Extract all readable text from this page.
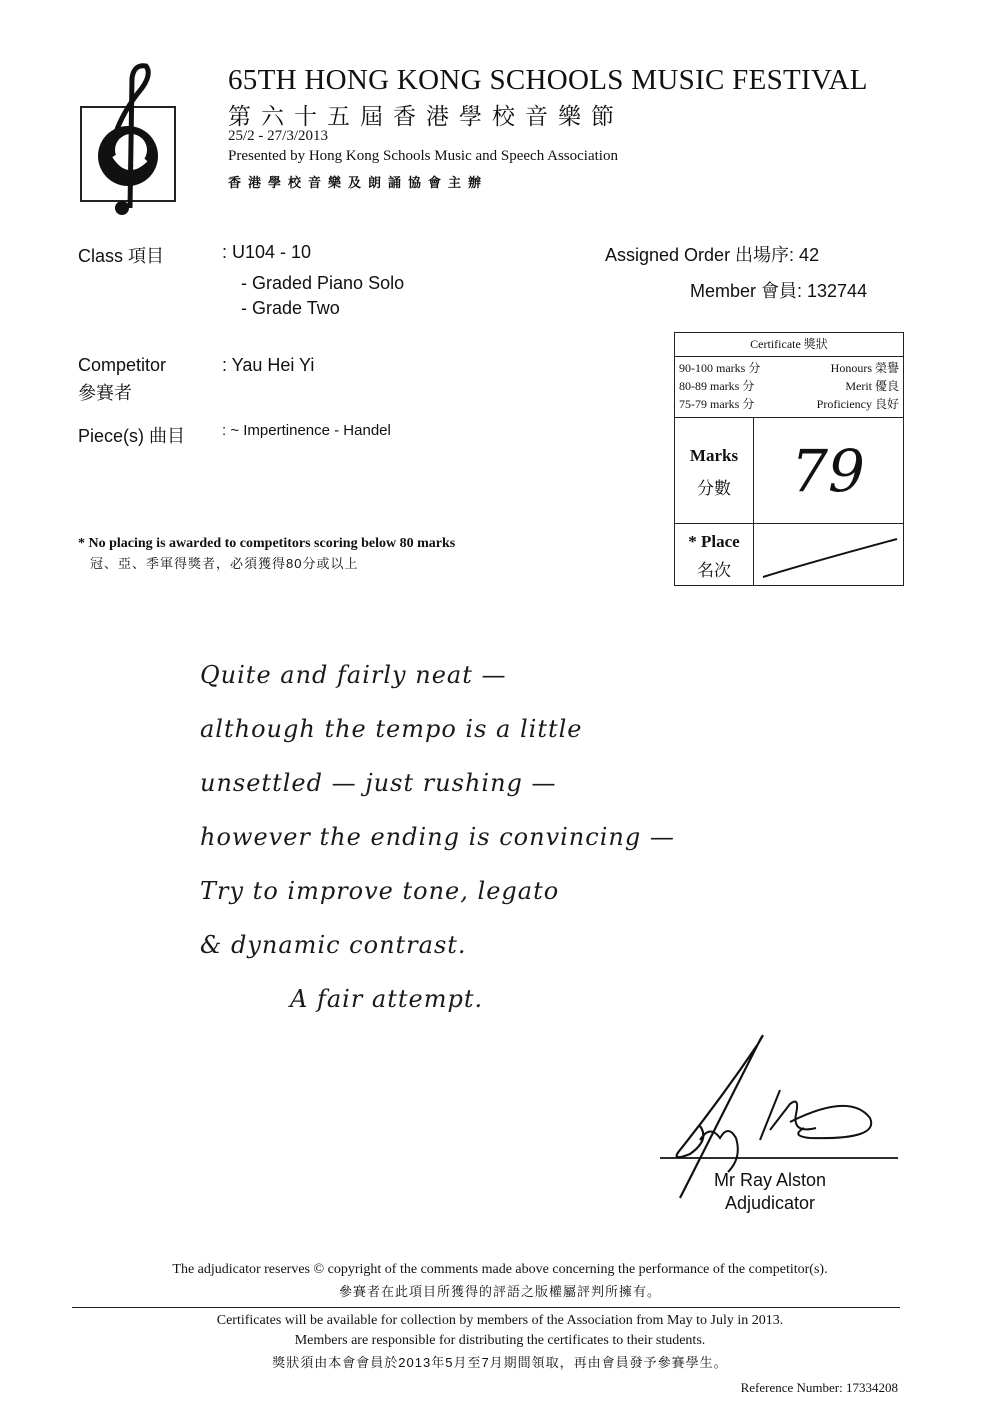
65TH HONG KONG SCHOOLS MUSIC FESTIVAL
第六十五屆香港學校音樂節
25/2 - 27/3/2013
Presented by Hong Kong Schools Music and Speech Association
香港學校音樂及朗誦協會主辦
Class 項目	: U104 - 10
- Graded Piano Solo
- Grade Two
Competitor
參賽者
: Yau Hei Yi
Piece(s) 曲目 : ~ Impertinence - Handel
Assigned Order 出場序: 42
Member 會員: 132744
* No placing is awarded to competitors scoring below 80 marks
冠、亞、季軍得獎者，必須獲得80分或以上
Certificate 獎狀
90-100 marks 分	Honours 榮譽
80-89 marks 分	Merit 優良
75-79 marks 分	Proficiency 良好
Marks
分數	79
* Place
名次
Quite and fairly neat —
although the tempo is a little
unsettled — just rushing —
however the ending is convincing —
Try to improve tone, legato
& dynamic contrast.
A fair attempt.
Mr Ray Alston
Adjudicator
The adjudicator reserves © copyright of the comments made above concerning the performance of the competitor(s).
參賽者在此項目所獲得的評語之版權屬評判所擁有。
Certificates will be available for collection by members of the Association from May to July in 2013.
Members are responsible for distributing the certificates to their students.
獎狀須由本會會員於2013年5月至7月期間領取，再由會員發予參賽學生。
Reference Number: 17334208
